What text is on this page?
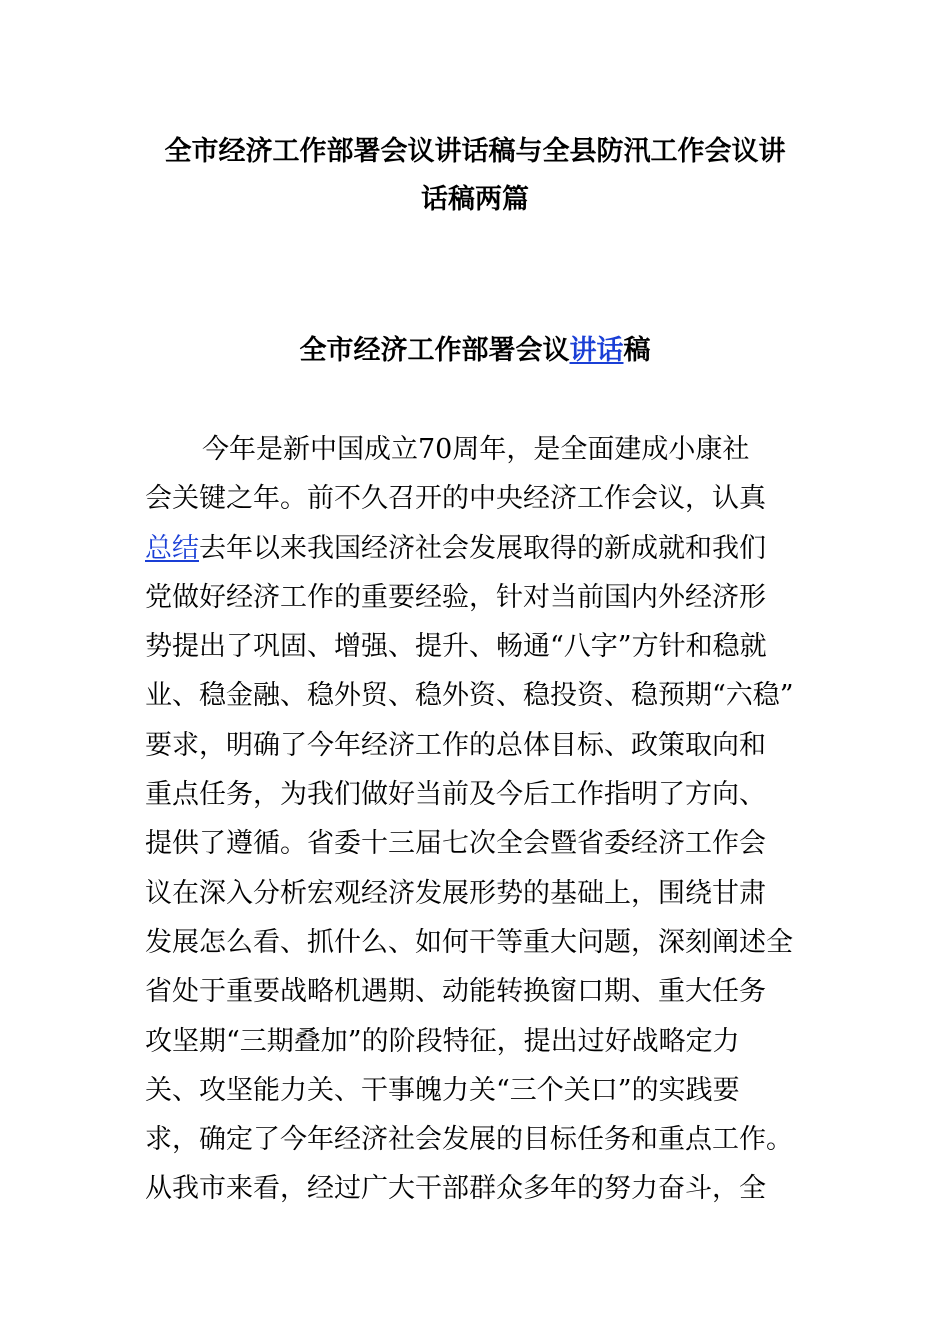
全市经济工作部署会议讲话稿与全县防汛工作会议讲
话稿两篇
全市经济工作部署会议讲话稿
今年是新中国成立70周年，是全面建成小康社
会关键之年。前不久召开的中央经济工作会议，认真
总结去年以来我国经济社会发展取得的新成就和我们
党做好经济工作的重要经验，针对当前国内外经济形
势提出了巩固、增强、提升、畅通“八字”方针和稳就
业、稳金融、稳外贸、稳外资、稳投资、稳预期“六稳”
要求，明确了今年经济工作的总体目标、政策取向和
重点任务，为我们做好当前及今后工作指明了方向、
提供了遵循。省委十三届七次全会暨省委经济工作会
议在深入分析宏观经济发展形势的基础上，围绕甘肃
发展怎么看、抓什么、如何干等重大问题，深刻阐述全
省处于重要战略机遇期、动能转换窗口期、重大任务
攻坚期“三期叠加”的阶段特征，提出过好战略定力
关、攻坚能力关、干事魄力关“三个关口”的实践要
求，确定了今年经济社会发展的目标任务和重点工作。
从我市来看，经过广大干部群众多年的努力奋斗，全
